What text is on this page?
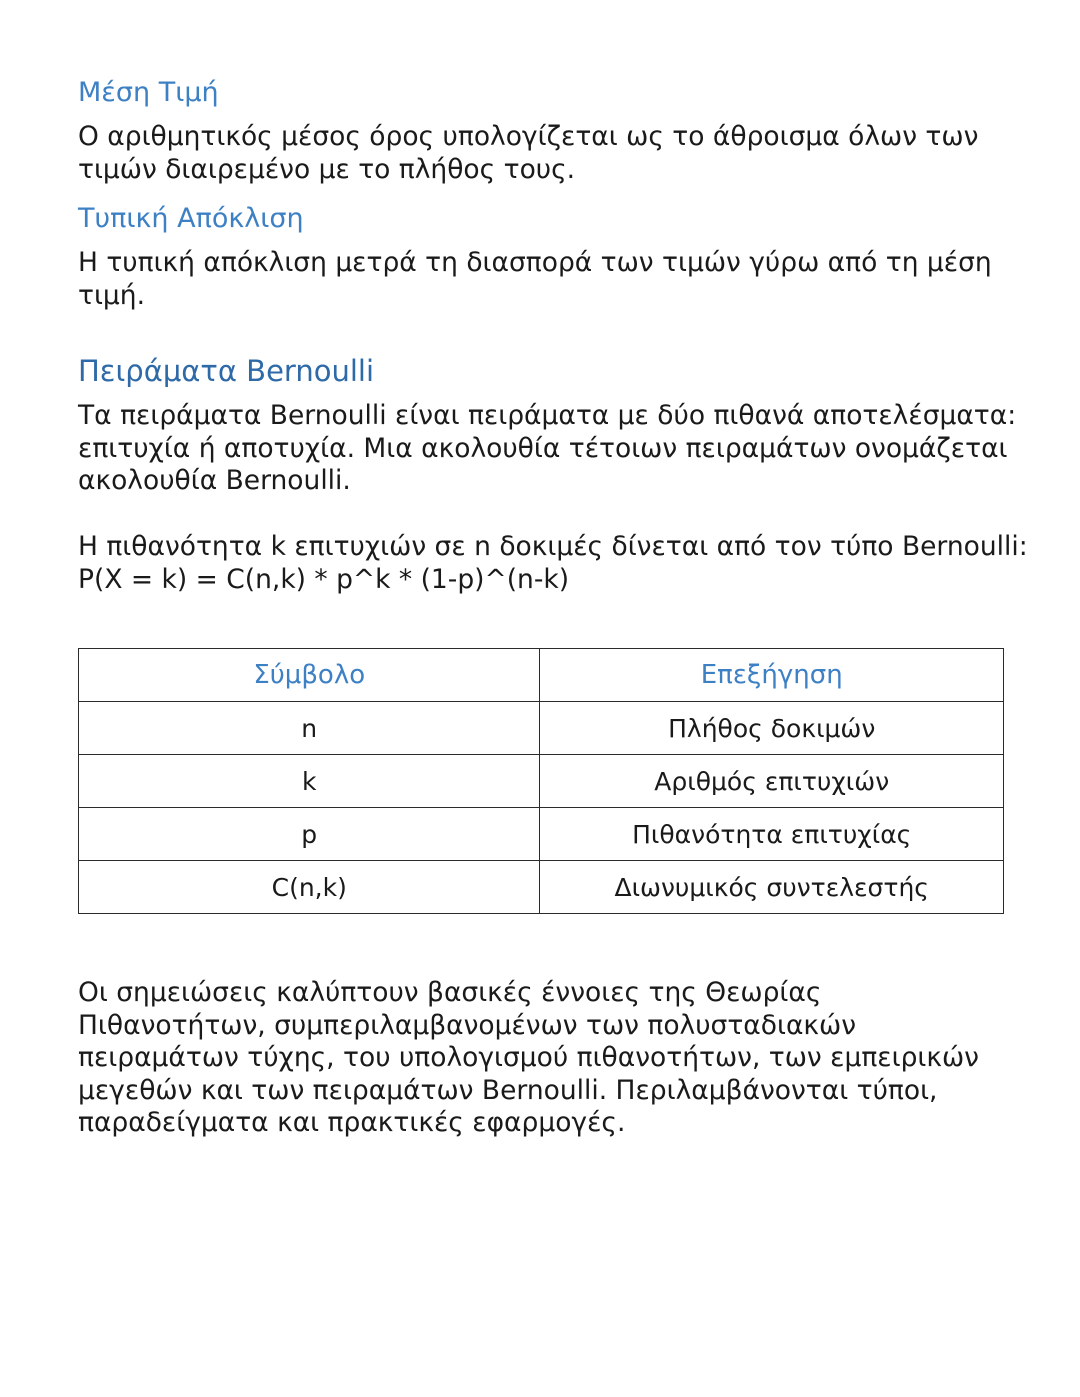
Μέση Τιμή
Ο αριθμητικός μέσος όρος υπολογίζεται ως το άθροισμα όλων των
τιμών διαιρεμένο με το πλήθος τους.
Τυπική Απόκλιση
Η τυπική απόκλιση μετρά τη διασπορά των τιμών γύρω από τη μέση
τιμή.
Πειράματα Bernoulli
Τα πειράματα Bernoulli είναι πειράματα με δύο πιθανά αποτελέσματα:
επιτυχία ή αποτυχία. Μια ακολουθία τέτοιων πειραμάτων ονομάζεται
ακολουθία Bernoulli.
Η πιθανότητα k επιτυχιών σε n δοκιμές δίνεται από τον τύπο Bernoulli:
P(X = k) = C(n,k) * p^k * (1-p)^(n-k)
Σύμβολο	Επεξήγηση
n	Πλήθος δοκιμών
k	Αριθμός επιτυχιών
p	Πιθανότητα επιτυχίας
C(n,k)	Διωνυμικός συντελεστής
Οι σημειώσεις καλύπτουν βασικές έννοιες της Θεωρίας
Πιθανοτήτων, συμπεριλαμβανομένων των πολυσταδιακών
πειραμάτων τύχης, του υπολογισμού πιθανοτήτων, των εμπειρικών
μεγεθών και των πειραμάτων Bernoulli. Περιλαμβάνονται τύποι,
παραδείγματα και πρακτικές εφαρμογές.
